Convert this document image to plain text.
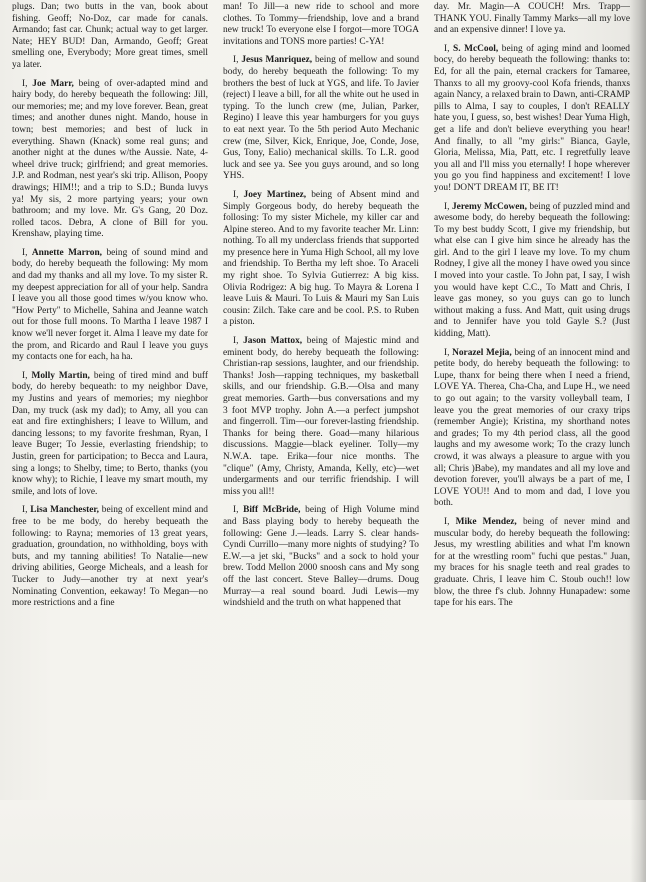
plugs. Dan; two butts in the van, book about fishing. Geoff; No-Doz, car made for canals. Armando; fast car. Chunk; actual way to get larger. Nate; HEY BUD! Dan, Armando, Geoff; Great smelling one, Everybody; More great times, smell ya later.

I, Joe Marr, being of over-adapted mind and hairy body, do hereby bequeath the following: Jill, our memories; me; and my love forever. Bean, great times; and another dunes night. Mando, house in town; best memories; and best of luck in everything. Shawn (Knack) some real guns; and another night at the dunes w/the Aussie. Nate, 4-wheel drive truck; girlfriend; and great memories. J.P. and Rodman, nest year's ski trip. Allison, Poopy drawings; HIM!!; and a trip to S.D.; Bunda luvys ya! My sis, 2 more partying years; your own bathroom; and my love. Mr. G's Gang, 20 Doz. rolled tacos. Debra, A clone of Bill for you. Krenshaw, playing time.

I, Annette Marron, being of sound mind and body, do hereby bequeath the following: My mom and dad my thanks and all my love. To my sister R. my deepest appreciation for all of your help. Sandra I leave you all those good times w/you know who. "How Perty" to Michelle, Sahina and Jeanne watch out for those full moons. To Martha I leave 1987 I know we'll never forget it. Alma I leave my date for the prom, and Ricardo and Raul I leave you guys my contacts one for each, ha ha.

I, Molly Martin, being of tired mind and buff body, do hereby bequeath: to my neighbor Dave, my Justins and years of memories; my nieghbor Dan, my truck (ask my dad); to Amy, all you can eat and fire extinghishers; I leave to Willum, and dancing lessons; to my favorite freshman, Ryan, I leave Buger; To Jessie, everlasting friendship; to Justin, green for participation; to Becca and Laura, sing a longs; to Shelby, time; to Berto, thanks (you know why); to Richie, I leave my smart mouth, my smile, and lots of love.

I, Lisa Manchester, being of excellent mind and free to be me body, do hereby bequeath the following: to Rayna; memories of 13 great years, graduation, groundation, no withholding, boys with buts, and my tanning abilities! To Natalie—new driving abilities, George Micheals, and a leash for Tucker to Judy—another try at next year's Nominating Convention, eekaway! To Megan—no more restrictions and a fine

man! To Jill—a new ride to school and more clothes. To Tommy—friendship, love and a brand new truck! To everyone else I forgot—more TOGA invitations and TONS more parties! C-YA!

I, Jesus Manriquez, being of mellow and sound body, do hereby bequeath the following: To my brothers the best of luck at YGS, and life. To Javier (reject) I leave a bill, for all the white out he used in typing. To the lunch crew (me, Julian, Parker, Regino) I leave this year hamburgers for you guys to eat next year. To the 5th period Auto Mechanic crew (me, Silver, Kick, Enrique, Joe, Conde, Jose, Gus, Tony, Ealio) mechanical skills. To L.R. good luck and see ya. See you guys around, and so long YHS.

I, Joey Martinez, being of Absent mind and Simply Gorgeous body, do hereby bequeath the follosing: To my sister Michele, my killer car and Alpine stereo. And to my favorite teacher Mr. Linn: nothing. To all my underclass friends that supported my presence here in Yuma High School, all my love and friendship. To Bertha my left shoe. To Araceli my right shoe. To Sylvia Gutierrez: A big kiss. Olivia Rodrigez: A big hug. To Mayra & Lorena I leave Luis & Mauri. To Luis & Mauri my San Luis cousin: Zilch. Take care and be cool. P.S. to Ruben a piston.

I, Jason Mattox, being of Majestic mind and eminent body, do hereby bequeath the following: Christian-rap sessions, laughter, and our friendship. Thanks! Josh—rapping techniques, my basketball skills, and our friendship. G.B.—Olsa and many great memories. Garth—bus conversations and my 3 foot MVP trophy. John A.—a perfect jumpshot and fingerroll. Tim—our forever-lasting friendship. Thanks for being there. Goad—many hilarious discussions. Maggie—black eyeliner. Tolly—my N.W.A. tape. Erika—four nice months. The "clique" (Amy, Christy, Amanda, Kelly, etc)—wet undergarments and our terrific friendship. I will miss you all!!

I, Biff McBride, being of High Volume mind and Bass playing body to hereby bequeath the following: Gene J.—leads. Larry S. clear hands- Cyndi Currillo—many more nights of studying? To E.W.—a jet ski, "Bucks" and a sock to hold your brew. Todd Mellon 2000 snoosh cans and My song off the last concert. Steve Balley—drums. Doug Murray—a real sound board. Judi Lewis—my windshield and the truth on what happened that

day. Mr. Magin—A COUCH! Mrs. Trapp—THANK YOU. Finally Tammy Marks—all my love and an expensive dinner! I love ya.

I, S. McCool, being of aging mind and loomed bocy, do hereby bequeath the following: thanks to: Ed, for all the pain, eternal crackers for Tamaree, Thanxs to all my groovy-cool Kofa friends, thanxs again Nancy, a relaxed brain to Dawn, anti-CRAMP pills to Alma, I say to couples, I don't REALLY hate you, I guess, so, best wishes! Dear Yuma High, get a life and don't believe everything you hear! And finally, to all "my girls:" Bianca, Gayle, Gloria, Melissa, Mia, Patt, etc. I regretfully leave you all and I'll miss you eternally! I hope wherever you go you find happiness and excitement! I love you! DON'T DREAM IT, BE IT!

I, Jeremy McCowen, being of puzzled mind and awesome body, do hereby bequeath the following: To my best buddy Scott, I give my friendship, but what else can I give him since he already has the girl. And to the girl I leave my love. To my chum Rodney, I give all the money I have owed you since I moved into your castle. To John pat, I say, I wish you would have kept C.C., To Matt and Chris, I leave gas money, so you guys can go to lunch without making a fuss. And Matt, quit using drugs and to Jennifer have you told Gayle S.? (Just kidding, Matt).

I, Norazel Mejia, being of an innocent mind and petite body, do hereby bequeath the following: to Lupe, thanx for being there when I need a friend, LOVE YA. Therea, Cha-Cha, and Lupe H., we need to go out again; to the varsity volleyball team, I leave you the great memories of our craxy trips (remember Angie); Kristina, my shorthand notes and grades; To my 4th period class, all the good laughs and my awesome work; To the crazy lunch crowd, it was always a pleasure to argue with you all; Chris )Babe), my mandates and all my love and devotion forever, you'll always be a part of me, I LOVE YOU!! And to mom and dad, I love you both.

I, Mike Mendez, being of never mind and muscular body, do hereby bequeath the following: Jesus, my wrestling abilities and what I'm known for at the wrestling room" fuchi que pestas." Juan, my braces for his snagle teeth and real grades to graduate. Chris, I leave him C. Stoub ouch!! low blow, the three f's club. Johnny Hunapadew: some tape for his ears. The
